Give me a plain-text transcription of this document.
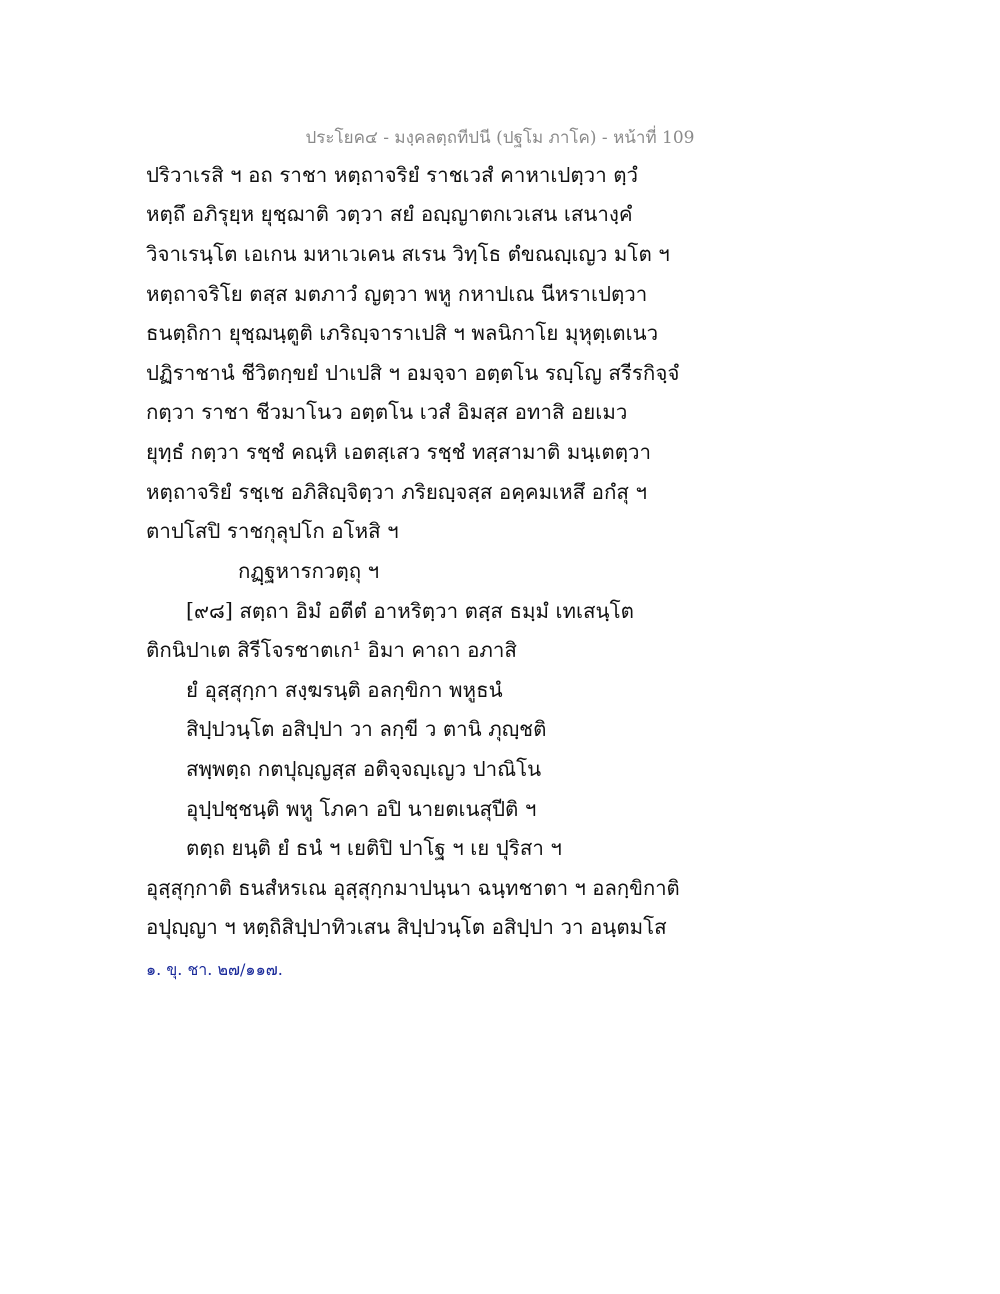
ประโยค๔ - มงฺคลตฺถทีปนี (ปฐโม ภาโค) - หน้าที่ 109
ปริวาเรสิ ฯ อถ ราชา หตฺถาจริยํ ราชเวสํ คาหาเปตฺวา ตฺวํ
หตฺถึ อภิรุยฺห ยุชฺฌาติ วตฺวา สยํ อญฺญาตกเวเสน เสนางฺคํ
วิจาเรนฺโต เอเกน มหาเวเคน สเรน วิทฺโธ ตํขณญฺเญว มโต ฯ
หตฺถาจริโย ตสฺส มตภาวํ ญตฺวา พหู กหาปเณ นีหราเปตฺวา
ธนตฺถิกา ยุชฺฌนฺตูติ เภริญฺจาราเปสิ ฯ พลนิกาโย มุหุตฺเตเนว
ปฏิราชานํ ชีวิตกฺขยํ ปาเปสิ ฯ อมจฺจา อตฺตโน รญฺโญ สรีรกิจฺจํ
กตฺวา ราชา ชีวมาโนว อตฺตโน เวสํ อิมสฺส อทาสิ อยเมว
ยุทฺธํ กตฺวา รชฺชํ คณฺหิ เอตสฺเสว รชฺชํ ทสฺสามาติ มนฺเตตฺวา
หตฺถาจริยํ รชฺเช อภิสิญฺจิตฺวา ภริยญฺจสฺส อคฺคมเหสึ อกํสุ ฯ
ตาปโสปิ ราชกุลุปโก อโหสิ ฯ
กฏฺฐหารกวตฺถุ ฯ
[๙๘] สตฺถา อิมํ อตีตํ อาหริตฺวา ตสฺส ธมฺมํ เทเสนฺโต
ติกนิปาเต สิรีโจรชาตเก¹ อิมา คาถา อภาสิ
ยํ อุสฺสุกฺกา สงฺฆรนฺติ อลกฺขิกา พหูธนํ
สิปฺปวนฺโต อสิปฺปา วา ลกฺขี ว ตานิ ภุญฺชติ
สพฺพตฺถ กตปุญฺญสฺส อติจฺจญฺเญว ปาณิโน
อุปฺปชฺชนฺติ พหู โภคา อปิ นายตเนสุปีติ ฯ
ตตฺถ ยนฺติ ยํ ธนํ ฯ เยติปิ ปาโฐ ฯ เย ปุริสา ฯ
อุสฺสุกฺกาติ ธนสํหรเณ อุสฺสุกฺกมาปนฺนา ฉนฺทชาตา ฯ อลกฺขิกาติ
อปุญฺญา ฯ หตฺถิสิปฺปาทิวเสน สิปฺปวนฺโต อสิปฺปา วา อนฺตมโส
๑. ขุ. ชา. ๒๗/๑๑๗.
